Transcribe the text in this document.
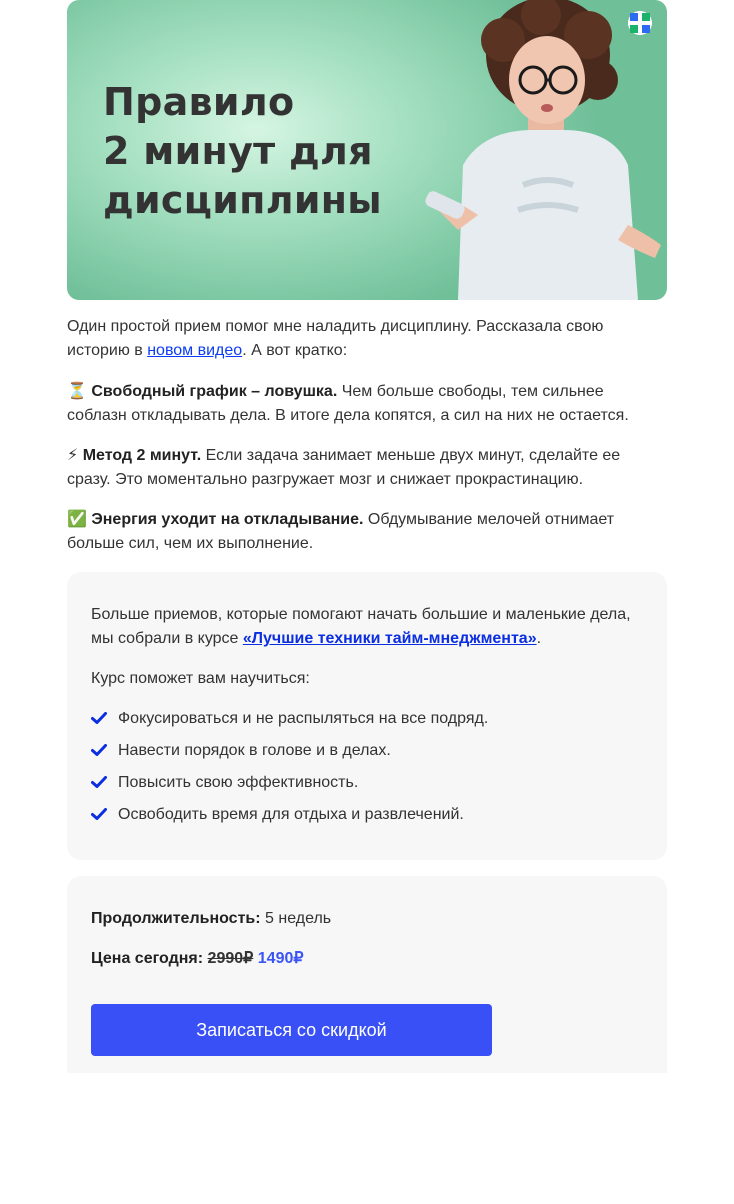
Правило
2 минут для
дисциплины

Один простой прием помог мне наладить дисциплину. Рассказала свою историю в новом видео. А вот кратко:

⏳ Свободный график – ловушка. Чем больше свободы, тем сильнее соблазн откладывать дела. В итоге дела копятся, а сил на них не остается.

⚡ Метод 2 минут. Если задача занимает меньше двух минут, сделайте ее сразу. Это моментально разгружает мозг и снижает прокрастинацию.

✅ Энергия уходит на откладывание. Обдумывание мелочей отнимает больше сил, чем их выполнение.

Больше приемов, которые помогают начать большие и маленькие дела, мы собрали в курсе «Лучшие техники тайм-мнеджмента».

Курс поможет вам научиться:

Фокусироваться и не распыляться на все подряд.
Навести порядок в голове и в делах.
Повысить свою эффективность.
Освободить время для отдыха и развлечений.

Продолжительность: 5 недель

Цена сегодня: 2990₽ 1490₽

Записаться со скидкой
